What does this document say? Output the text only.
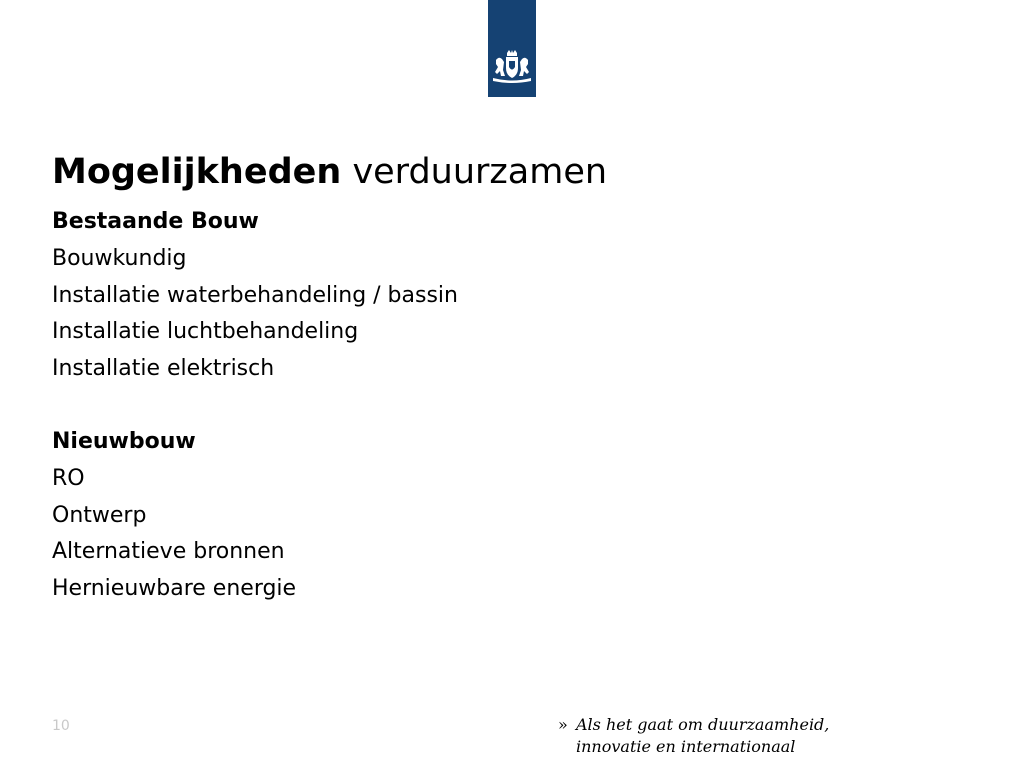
Mogelijkheden verduurzamen
Bestaande Bouw
Bouwkundig
Installatie waterbehandeling / bassin
Installatie luchtbehandeling
Installatie elektrisch
Nieuwbouw
RO
Ontwerp
Alternatieve bronnen
Hernieuwbare energie
10	» Als het gaat om duurzaamheid,
innovatie en internationaal
